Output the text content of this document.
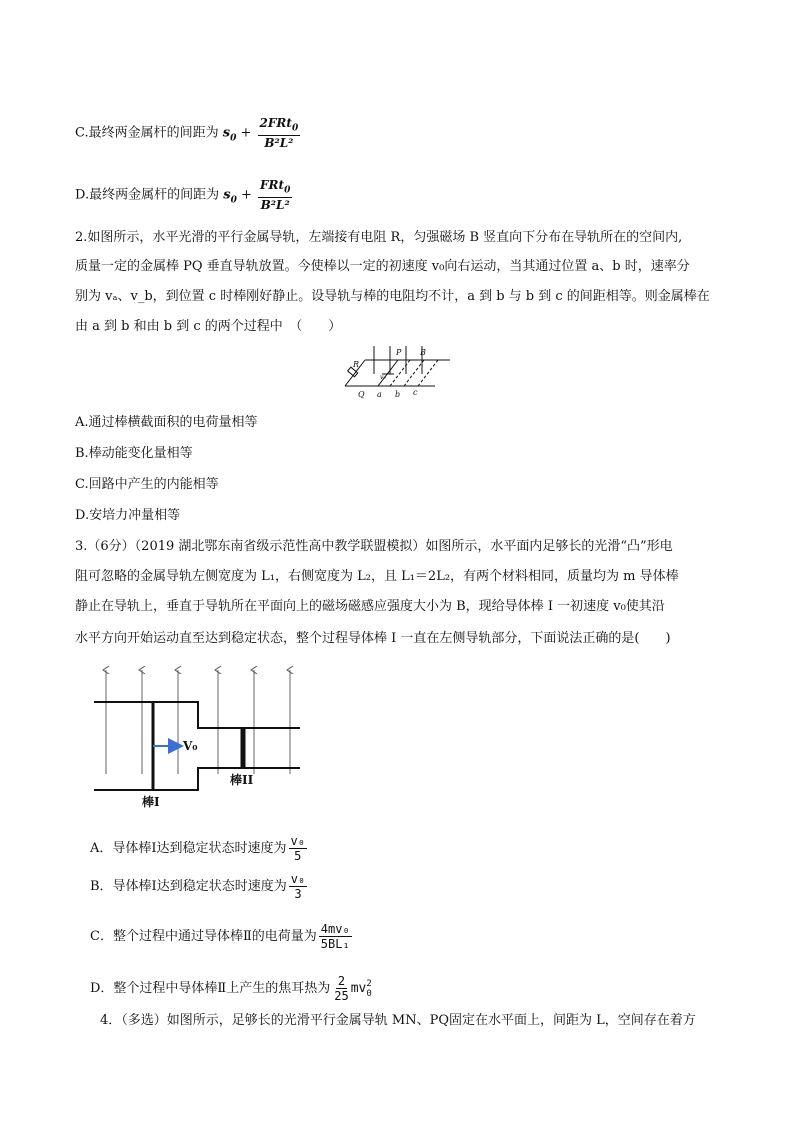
C.最终两金属杆的间距为 $s_0 + \frac{2FRt_0}{\text{B²L²}}$
D.最终两金属杆的间距为 $s_0 + \frac{FRt_0}{\text{B²L²}}$
2.如图所示，水平光滑的平行金属导轨，左端接有电阻 R，匀强磁场 B 竖直向下分布在导轨所在的空间内,
质量一定的金属棒 PQ 垂直导轨放置。今使棒以一定的初速度 v₀向右运动，当其通过位置 a、b 时，速率分
别为 vₐ、v_b，到位置 c 时棒刚好静止。设导轨与棒的电阻均不计，a 到 b 与 b 到 c 的间距相等。则金属棒在
由 a 到 b 和由 b 到 c 的两个过程中　（　　）
R
P B
v₀
Q a b c
A.通过棒横截面积的电荷量相等
B.棒动能变化量相等
C.回路中产生的内能相等
D.安培力冲量相等
3.（6分）（2019 湖北鄂东南省级示范性高中教学联盟模拟）如图所示，水平面内足够长的光滑“凸”形电
阻可忽略的金属导轨左侧宽度为 L₁，右侧宽度为 L₂，且 L₁＝2L₂，有两个材料相同，质量均为 m 导体棒
静止在导轨上，垂直于导轨所在平面向上的磁场磁感应强度大小为 B，现给导体棒 I 一初速度 v₀使其沿
水平方向开始运动直至达到稳定状态，整个过程导体棒 I 一直在左侧导轨部分，下面说法正确的是(　　)
V₀
棒I
棒II
A．导体棒Ⅰ达到稳定状态时速度为 $\frac{\text{v₀}}{5}$
B．导体棒Ⅰ达到稳定状态时速度为 $\frac{\text{v₀}}{3}$
C．整个过程中通过导体棒Ⅱ的电荷量为 $\frac{\text{4mv₀}}{\text{5BL₁}}$
D．整个过程中导体棒Ⅱ上产生的焦耳热为 $\frac{2}{25}$ mv 2
0
4．（多选）如图所示，足够长的光滑平行金属导轨 MN、PQ固定在水平面上，间距为 L，空间存在着方
